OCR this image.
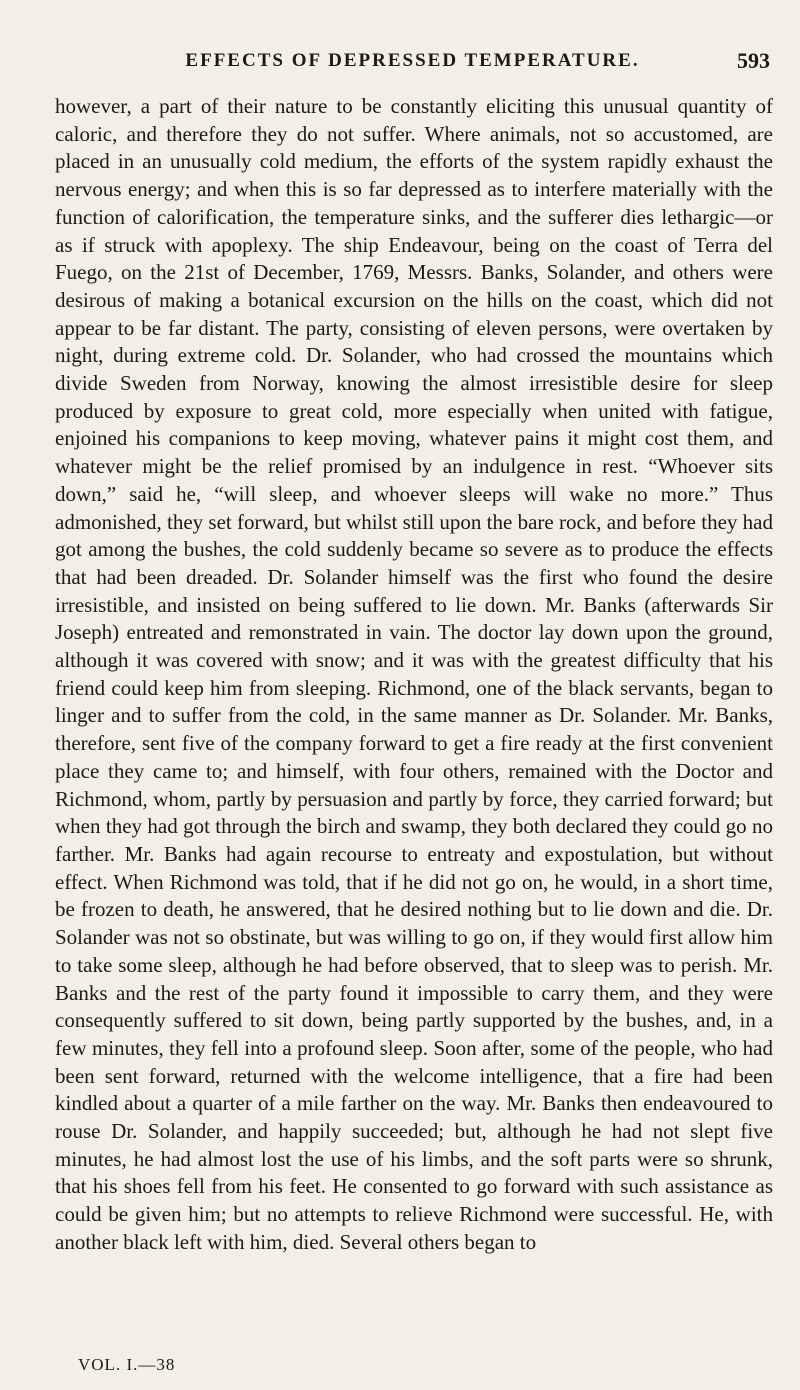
EFFECTS OF DEPRESSED TEMPERATURE.	593

however, a part of their nature to be constantly eliciting this unusual quantity of caloric, and therefore they do not suffer. Where animals, not so accustomed, are placed in an unusually cold medium, the efforts of the system rapidly exhaust the nervous energy; and when this is so far depressed as to interfere materially with the function of calorification, the temperature sinks, and the sufferer dies lethargic—or as if struck with apoplexy. The ship Endeavour, being on the coast of Terra del Fuego, on the 21st of December, 1769, Messrs. Banks, Solander, and others were desirous of making a botanical excursion on the hills on the coast, which did not appear to be far distant. The party, consisting of eleven persons, were overtaken by night, during extreme cold. Dr. Solander, who had crossed the mountains which divide Sweden from Norway, knowing the almost irresistible desire for sleep produced by exposure to great cold, more especially when united with fatigue, enjoined his companions to keep moving, whatever pains it might cost them, and whatever might be the relief promised by an indulgence in rest. “Whoever sits down,” said he, “will sleep, and whoever sleeps will wake no more.” Thus admonished, they set forward, but whilst still upon the bare rock, and before they had got among the bushes, the cold suddenly became so severe as to produce the effects that had been dreaded. Dr. Solander himself was the first who found the desire irresistible, and insisted on being suffered to lie down. Mr. Banks (afterwards Sir Joseph) entreated and remonstrated in vain. The doctor lay down upon the ground, although it was covered with snow; and it was with the greatest difficulty that his friend could keep him from sleeping. Richmond, one of the black servants, began to linger and to suffer from the cold, in the same manner as Dr. Solander. Mr. Banks, therefore, sent five of the company forward to get a fire ready at the first convenient place they came to; and himself, with four others, remained with the Doctor and Richmond, whom, partly by persuasion and partly by force, they carried forward; but when they had got through the birch and swamp, they both declared they could go no farther. Mr. Banks had again recourse to entreaty and expostulation, but without effect. When Richmond was told, that if he did not go on, he would, in a short time, be frozen to death, he answered, that he desired nothing but to lie down and die. Dr. Solander was not so obstinate, but was willing to go on, if they would first allow him to take some sleep, although he had before observed, that to sleep was to perish. Mr. Banks and the rest of the party found it impossible to carry them, and they were consequently suffered to sit down, being partly supported by the bushes, and, in a few minutes, they fell into a profound sleep. Soon after, some of the people, who had been sent forward, returned with the welcome intelligence, that a fire had been kindled about a quarter of a mile farther on the way. Mr. Banks then endeavoured to rouse Dr. Solander, and happily succeeded; but, although he had not slept five minutes, he had almost lost the use of his limbs, and the soft parts were so shrunk, that his shoes fell from his feet. He consented to go forward with such assistance as could be given him; but no attempts to relieve Richmond were successful. He, with another black left with him, died. Several others began to

VOL. I.—38
